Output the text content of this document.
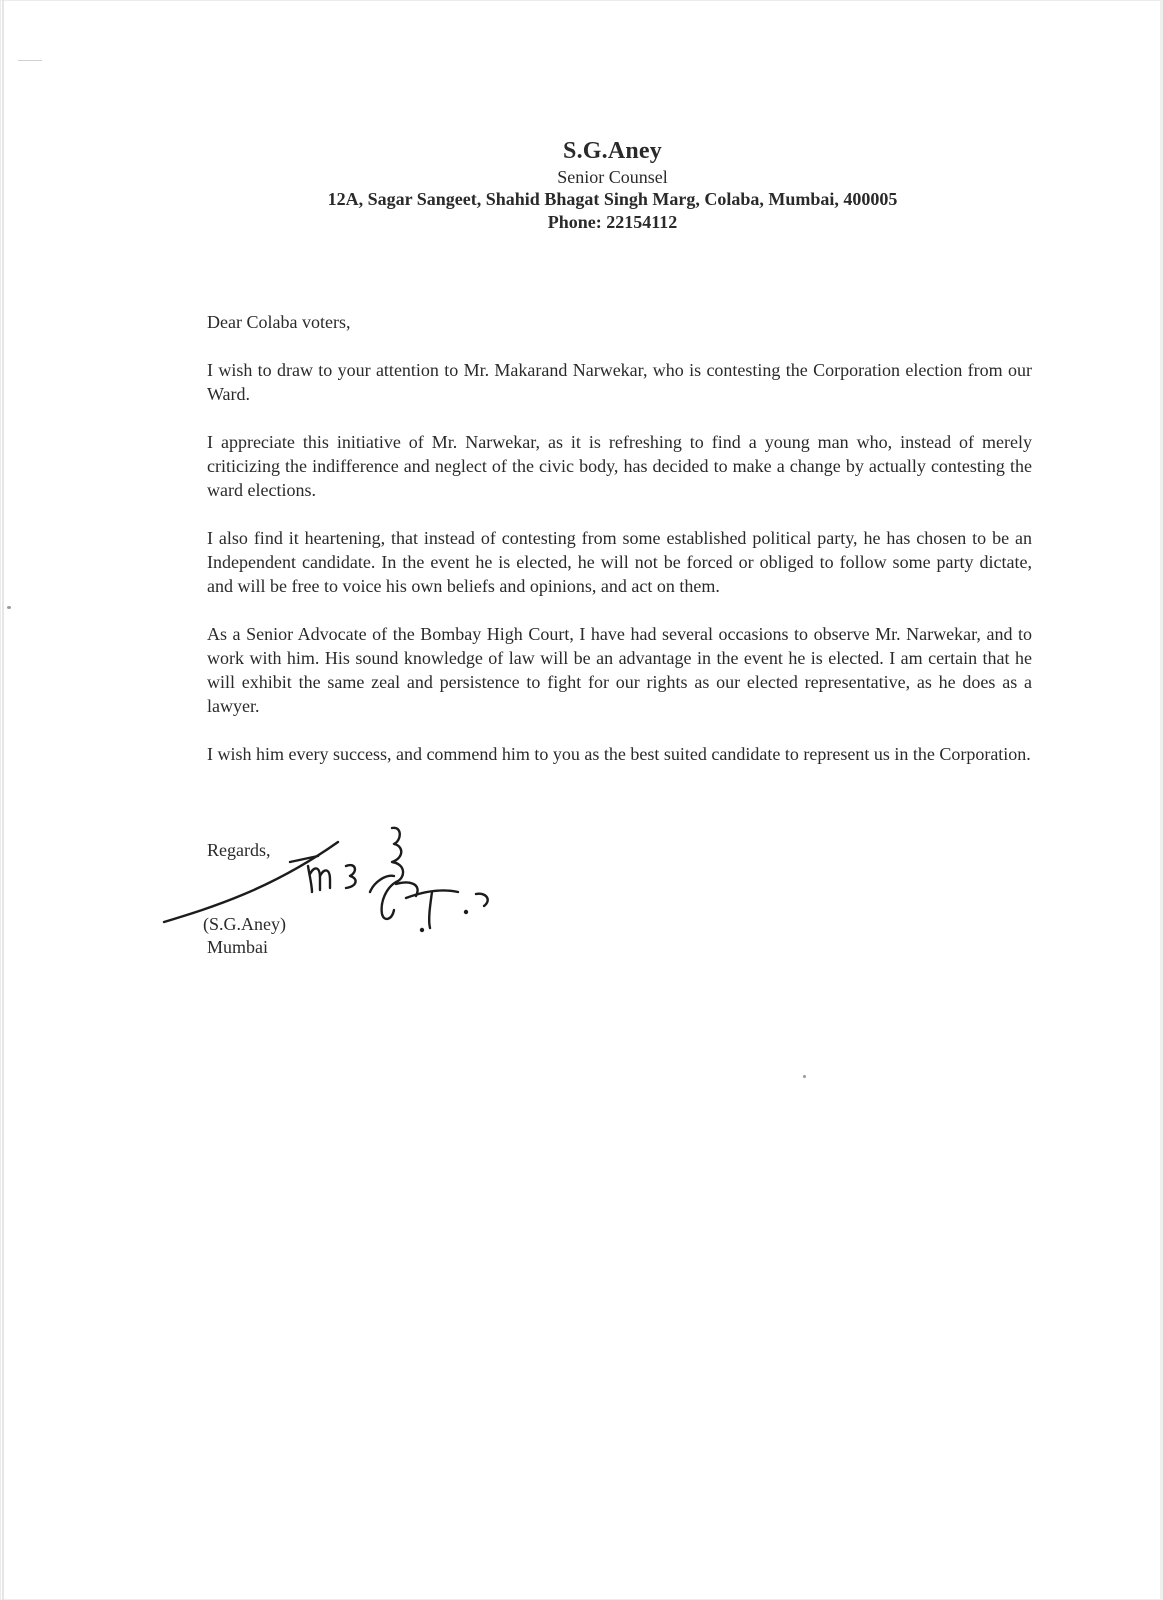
S.G.Aney
Senior Counsel
12A, Sagar Sangeet, Shahid Bhagat Singh Marg, Colaba, Mumbai, 400005
Phone: 22154112

Dear Colaba voters,

I wish to draw to your attention to Mr. Makarand Narwekar, who is contesting the Corporation election from our Ward.

I appreciate this initiative of Mr. Narwekar, as it is refreshing to find a young man who, instead of merely criticizing the indifference and neglect of the civic body, has decided to make a change by actually contesting the ward elections.

I also find it heartening, that instead of contesting from some established political party, he has chosen to be an Independent candidate. In the event he is elected, he will not be forced or obliged to follow some party dictate, and will be free to voice his own beliefs and opinions, and act on them.

As a Senior Advocate of the Bombay High Court, I have had several occasions to observe Mr. Narwekar, and to work with him. His sound knowledge of law will be an advantage in the event he is elected. I am certain that he will exhibit the same zeal and persistence to fight for our rights as our elected representative, as he does as a lawyer.

I wish him every success, and commend him to you as the best suited candidate to represent us in the Corporation.

Regards,
(S.G.Aney)
Mumbai
